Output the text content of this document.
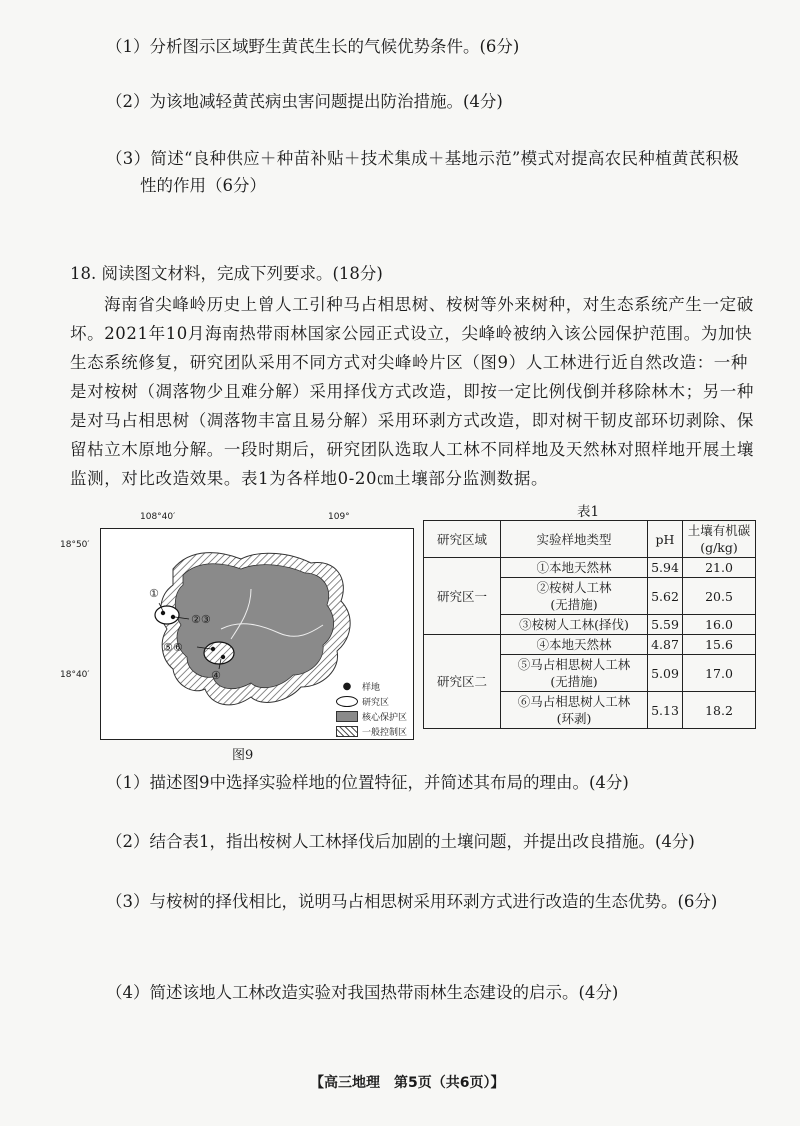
（1）分析图示区域野生黄芪生长的气候优势条件。(6分)
（2）为该地减轻黄芪病虫害问题提出防治措施。(4分)
（3）简述“良种供应＋种苗补贴＋技术集成＋基地示范”模式对提高农民种植黄芪积极
性的作用（6分）
18. 阅读图文材料，完成下列要求。(18分)
海南省尖峰岭历史上曾人工引种马占相思树、桉树等外来树种，对生态系统产生一定破
坏。2021年10月海南热带雨林国家公园正式设立，尖峰岭被纳入该公园保护范围。为加快
生态系统修复，研究团队采用不同方式对尖峰岭片区（图9）人工林进行近自然改造：一种
是对桉树（凋落物少且难分解）采用择伐方式改造，即按一定比例伐倒并移除林木；另一种
是对马占相思树（凋落物丰富且易分解）采用环剥方式改造，即对树干韧皮部环切剥除、保
留枯立木原地分解。一段时期后，研究团队选取人工林不同样地及天然林对照样地开展土壤
监测，对比改造效果。表1为各样地0-20㎝土壤部分监测数据。
108°40′	109°
18°50′
18°40′
①
②③
⑤⑥
④
●	样地
研究区
核心保护区
一般控制区
图9
表1
研究区域	实验样地类型	pH	土壤有机碳
(g/kg)

研究区一	①本地天然林	5.94	21.0

	②桉树人工林
(无措施)	5.62	20.5
	③桉树人工林(择伐)	5.59	16.0
研究区二	④本地天然林	4.87	15.6

	⑤马占相思树人工林
(无措施)	5.09	17.0

	⑥马占相思树人工林
(环剥)	5.13	18.2
（1）描述图9中选择实验样地的位置特征，并简述其布局的理由。(4分)
（2）结合表1，指出桉树人工林择伐后加剧的土壤问题，并提出改良措施。(4分)
（3）与桉树的择伐相比，说明马占相思树采用环剥方式进行改造的生态优势。(6分)
（4）简述该地人工林改造实验对我国热带雨林生态建设的启示。(4分)
【高三地理　第5页（共6页）】
